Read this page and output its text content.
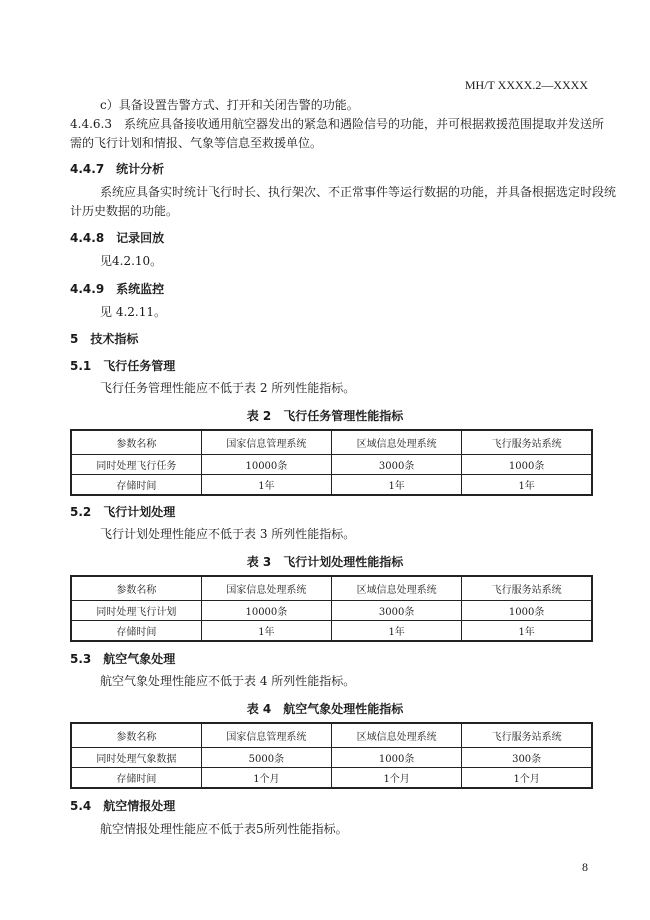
MH/T XXXX.2—XXXX
c）具备设置告警方式、打开和关闭告警的功能。
4.4.6.3　系统应具备接收通用航空器发出的紧急和遇险信号的功能，并可根据救援范围提取并发送所
需的飞行计划和情报、气象等信息至救援单位。
4.4.7　统计分析
系统应具备实时统计飞行时长、执行架次、不正常事件等运行数据的功能，并具备根据选定时段统
计历史数据的功能。
4.4.8　记录回放
见4.2.10。
4.4.9　系统监控
见 4.2.11。
5　技术指标
5.1　飞行任务管理
飞行任务管理性能应不低于表 2 所列性能指标。
表 2　飞行任务管理性能指标
参数名称	国家信息管理系统	区域信息处理系统	飞行服务站系统
同时处理飞行任务	10000条	3000条	1000条
存储时间	1年	1年	1年
5.2　飞行计划处理
飞行计划处理性能应不低于表 3 所列性能指标。
表 3　飞行计划处理性能指标
参数名称	国家信息处理系统	区域信息处理系统	飞行服务站系统
同时处理飞行计划	10000条	3000条	1000条
存储时间	1年	1年	1年
5.3　航空气象处理
航空气象处理性能应不低于表 4 所列性能指标。
表 4　航空气象处理性能指标
参数名称	国家信息管理系统	区域信息处理系统	飞行服务站系统
同时处理气象数据	5000条	1000条	300条
存储时间	1个月	1个月	1个月
5.4　航空情报处理
航空情报处理性能应不低于表5所列性能指标。
8
